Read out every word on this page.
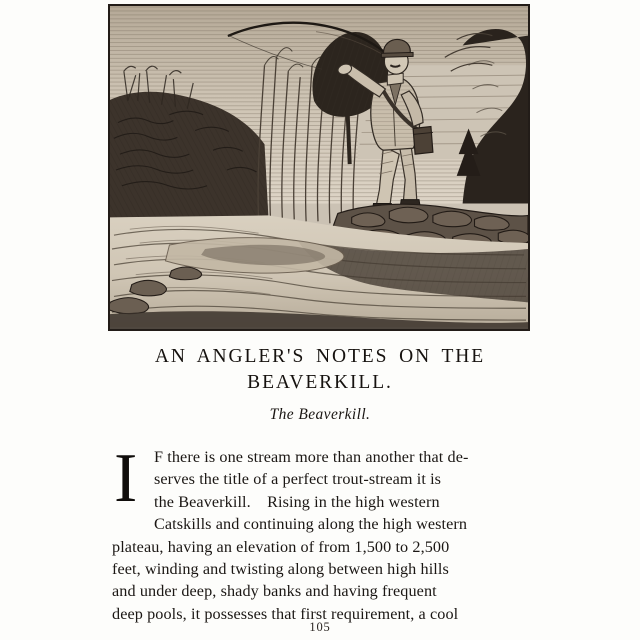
AN ANGLER'S NOTES ON THE
BEAVERKILL.
The Beaverkill.
I	F there is one stream more than another that de-
serves the title of a perfect trout-stream it is
the Beaverkill. Rising in the high western
Catskills and continuing along the high western
plateau, having an elevation of from 1,500 to 2,500
feet, winding and twisting along between high hills
and under deep, shady banks and having frequent
deep pools, it possesses that first requirement, a cool
105
